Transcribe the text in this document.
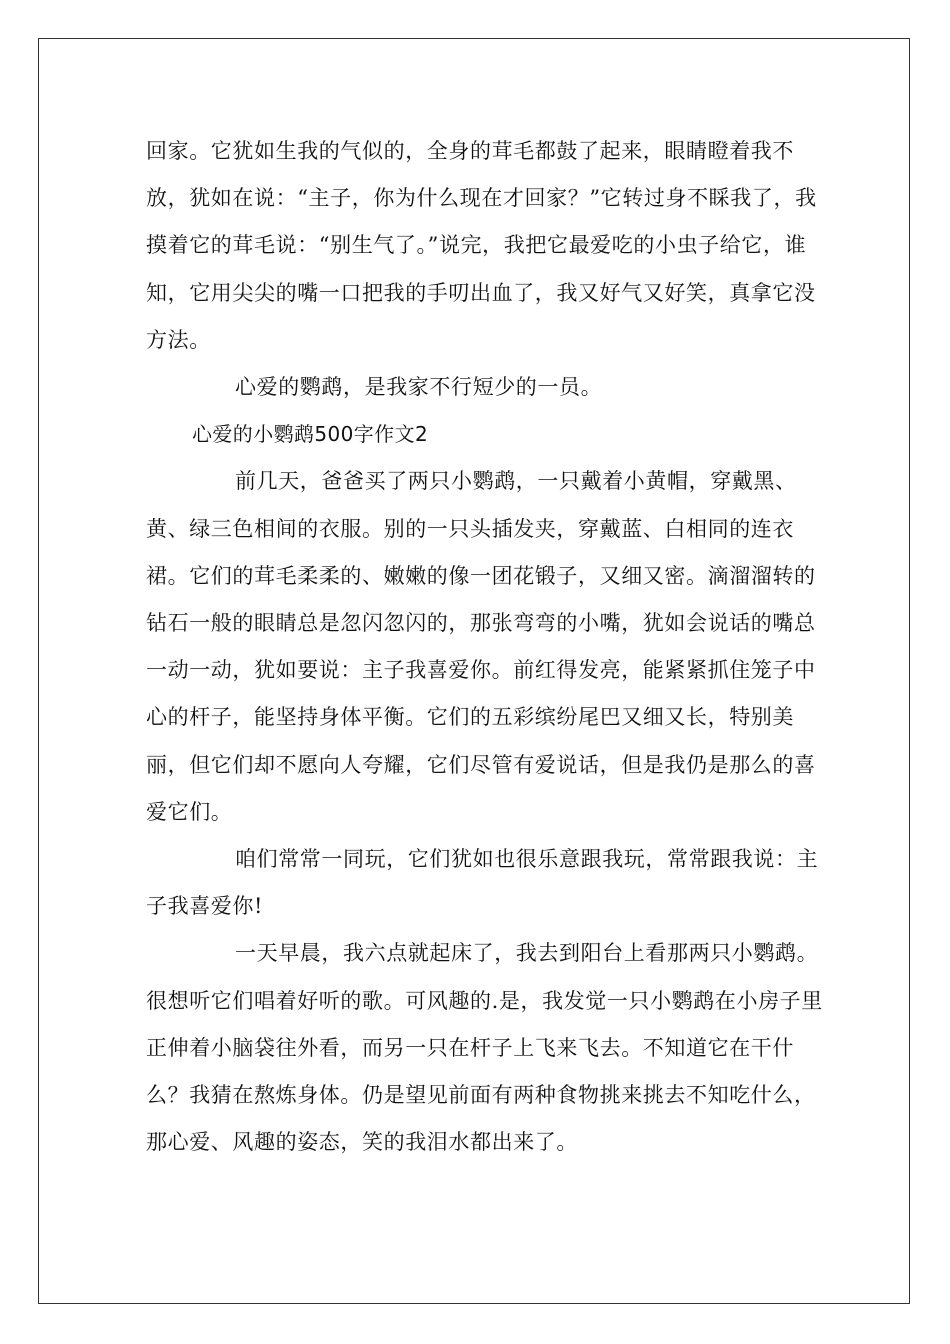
回家。它犹如生我的气似的，全身的茸毛都鼓了起来，眼睛瞪着我不放，犹如在说：“主子，你为什么现在才回家？”它转过身不睬我了，我摸着它的茸毛说：“别生气了。”说完，我把它最爱吃的小虫子给它，谁知，它用尖尖的嘴一口把我的手叨出血了，我又好气又好笑，真拿它没方法。

心爱的鹦鹉，是我家不行短少的一员。

心爱的小鹦鹉500字作文2

前几天，爸爸买了两只小鹦鹉，一只戴着小黄帽，穿戴黑、黄、绿三色相间的衣服。别的一只头插发夹，穿戴蓝、白相同的连衣裙。它们的茸毛柔柔的、嫩嫩的像一团花锻子，又细又密。滴溜溜转的钻石一般的眼睛总是忽闪忽闪的，那张弯弯的小嘴，犹如会说话的嘴总一动一动，犹如要说：主子我喜爱你。前红得发亮，能紧紧抓住笼子中心的杆子，能坚持身体平衡。它们的五彩缤纷尾巴又细又长，特别美丽，但它们却不愿向人夸耀，它们尽管有爱说话，但是我仍是那么的喜爱它们。

咱们常常一同玩，它们犹如也很乐意跟我玩，常常跟我说：主子我喜爱你!

一天早晨，我六点就起床了，我去到阳台上看那两只小鹦鹉。很想听它们唱着好听的歌。可风趣的.是，我发觉一只小鹦鹉在小房子里正伸着小脑袋往外看，而另一只在杆子上飞来飞去。不知道它在干什么？我猜在熬炼身体。仍是望见前面有两种食物挑来挑去不知吃什么，那心爱、风趣的姿态，笑的我泪水都出来了。
